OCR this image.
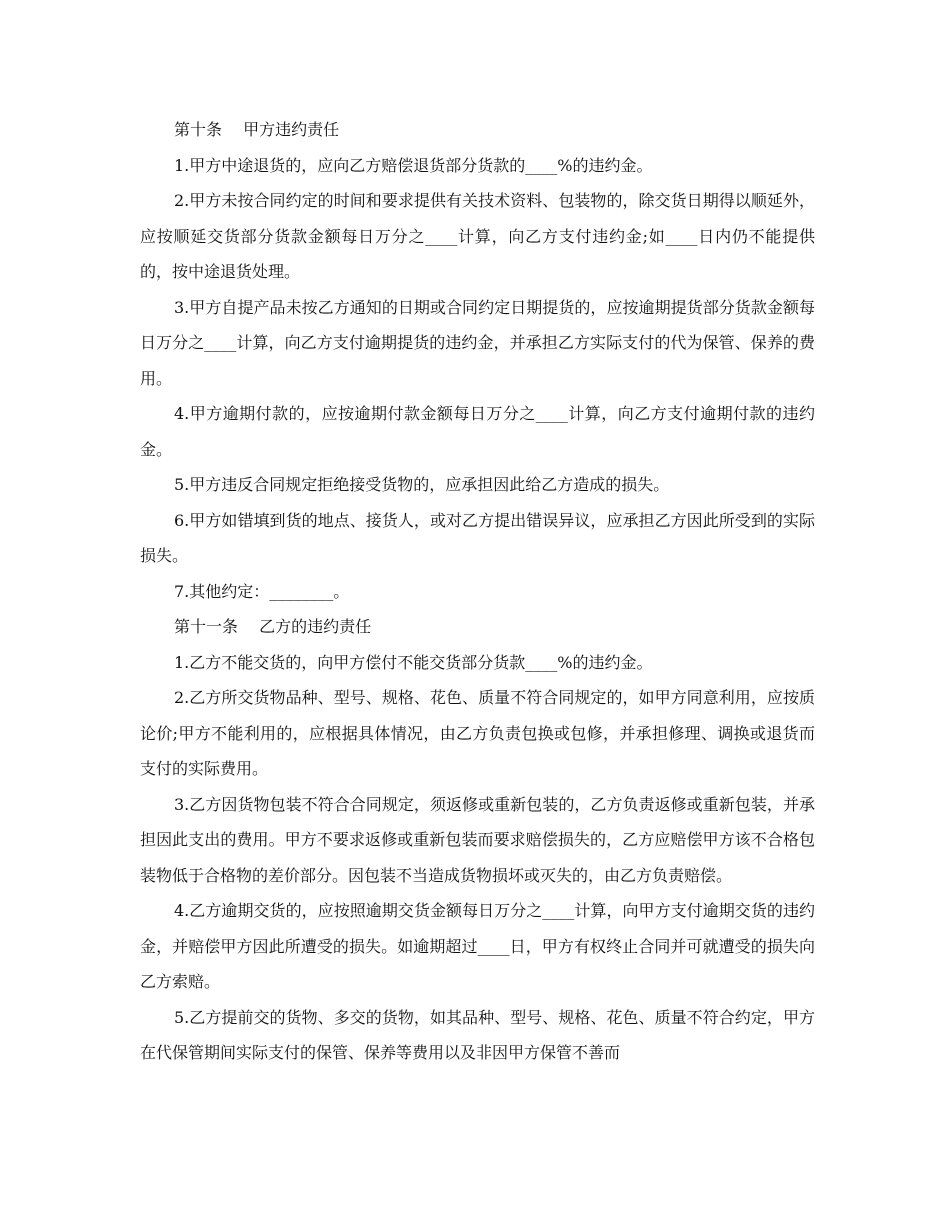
第十条　 甲方违约责任

1.甲方中途退货的，应向乙方赔偿退货部分货款的____%的违约金。

2.甲方未按合同约定的时间和要求提供有关技术资料、包装物的，除交货日期得以顺延外，应按顺延交货部分货款金额每日万分之____计算，向乙方支付违约金;如____日内仍不能提供的，按中途退货处理。

3.甲方自提产品未按乙方通知的日期或合同约定日期提货的，应按逾期提货部分货款金额每日万分之____计算，向乙方支付逾期提货的违约金，并承担乙方实际支付的代为保管、保养的费用。

4.甲方逾期付款的，应按逾期付款金额每日万分之____计算，向乙方支付逾期付款的违约金。

5.甲方违反合同规定拒绝接受货物的，应承担因此给乙方造成的损失。

6.甲方如错填到货的地点、接货人，或对乙方提出错误异议，应承担乙方因此所受到的实际损失。

7.其他约定：________。

第十一条　 乙方的违约责任

1.乙方不能交货的，向甲方偿付不能交货部分货款____%的违约金。

2.乙方所交货物品种、型号、规格、花色、质量不符合同规定的，如甲方同意利用，应按质论价;甲方不能利用的，应根据具体情况，由乙方负责包换或包修，并承担修理、调换或退货而支付的实际费用。

3.乙方因货物包装不符合合同规定，须返修或重新包装的，乙方负责返修或重新包装，并承担因此支出的费用。甲方不要求返修或重新包装而要求赔偿损失的，乙方应赔偿甲方该不合格包装物低于合格物的差价部分。因包装不当造成货物损坏或灭失的，由乙方负责赔偿。

4.乙方逾期交货的，应按照逾期交货金额每日万分之____计算，向甲方支付逾期交货的违约金，并赔偿甲方因此所遭受的损失。如逾期超过____日，甲方有权终止合同并可就遭受的损失向乙方索赔。

5.乙方提前交的货物、多交的货物，如其品种、型号、规格、花色、质量不符合约定，甲方在代保管期间实际支付的保管、保养等费用以及非因甲方保管不善而
